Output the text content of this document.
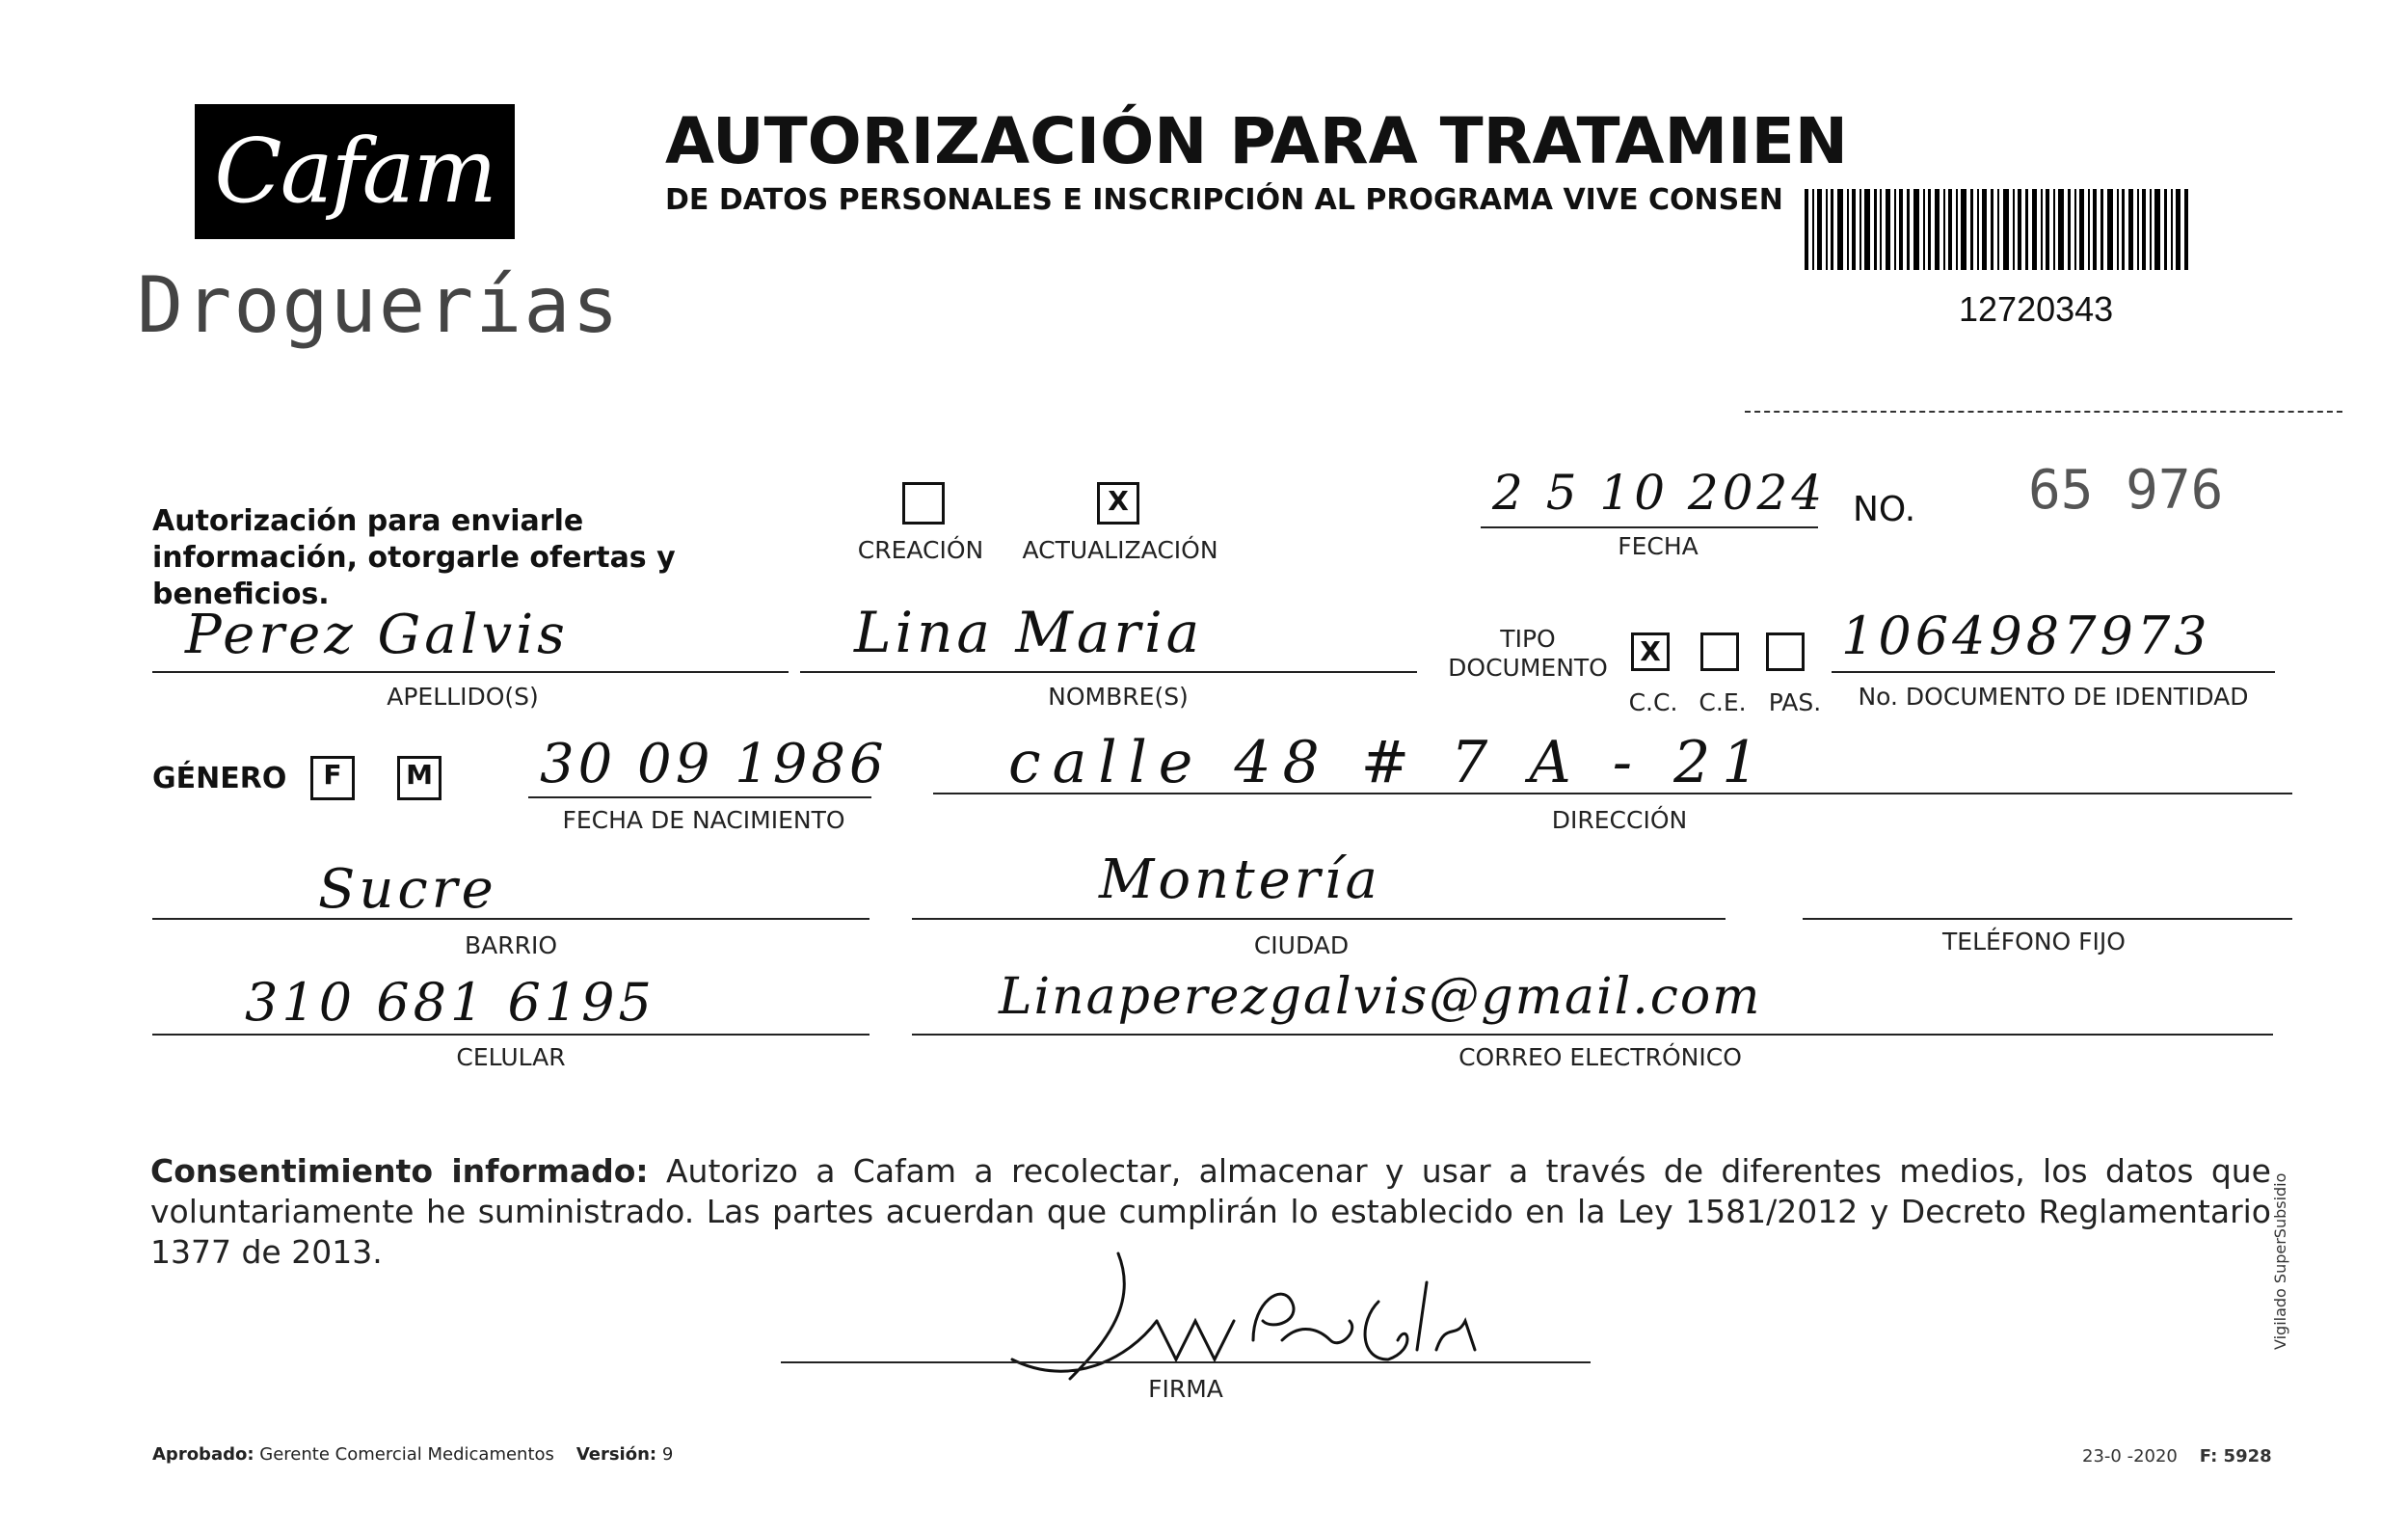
Cafam
Droguerías
AUTORIZACIÓN PARA TRATAMIEN
DE DATOS PERSONALES E INSCRIPCIÓN AL PROGRAMA VIVE CONSEN
12720343
Autorización para enviarle información, otorgarle ofertas y beneficios.
CREACIÓN
X
ACTUALIZACIÓN
2 5 10 2024
FECHA
NO. 65 976
Perez Galvis
APELLIDO(S)
Lina Maria
NOMBRE(S)
TIPO DOCUMENTO
X
C.C. C.E. PAS.
1064987973
No. DOCUMENTO DE IDENTIDAD
GÉNERO	F	M 30 09 1986
FECHA DE NACIMIENTO
calle 48 # 7 A - 21
DIRECCIÓN
Sucre
BARRIO
Montería
CIUDAD	TELÉFONO FIJO
310 681 6195
CELULAR
Linaperezgalvis@gmail.com
CORREO ELECTRÓNICO
Consentimiento informado: Autorizo a Cafam a recolectar, almacenar y usar a través de diferentes medios, los datos que voluntariamente he suministrado. Las partes acuerdan que cumplirán lo establecido en la Ley 1581/2012 y Decreto Reglamentario 1377 de 2013.
FIRMA
Aprobado: Gerente Comercial Medicamentos Versión: 9	23-0 -2020 F: 5928
Vigilado SuperSubsidio
